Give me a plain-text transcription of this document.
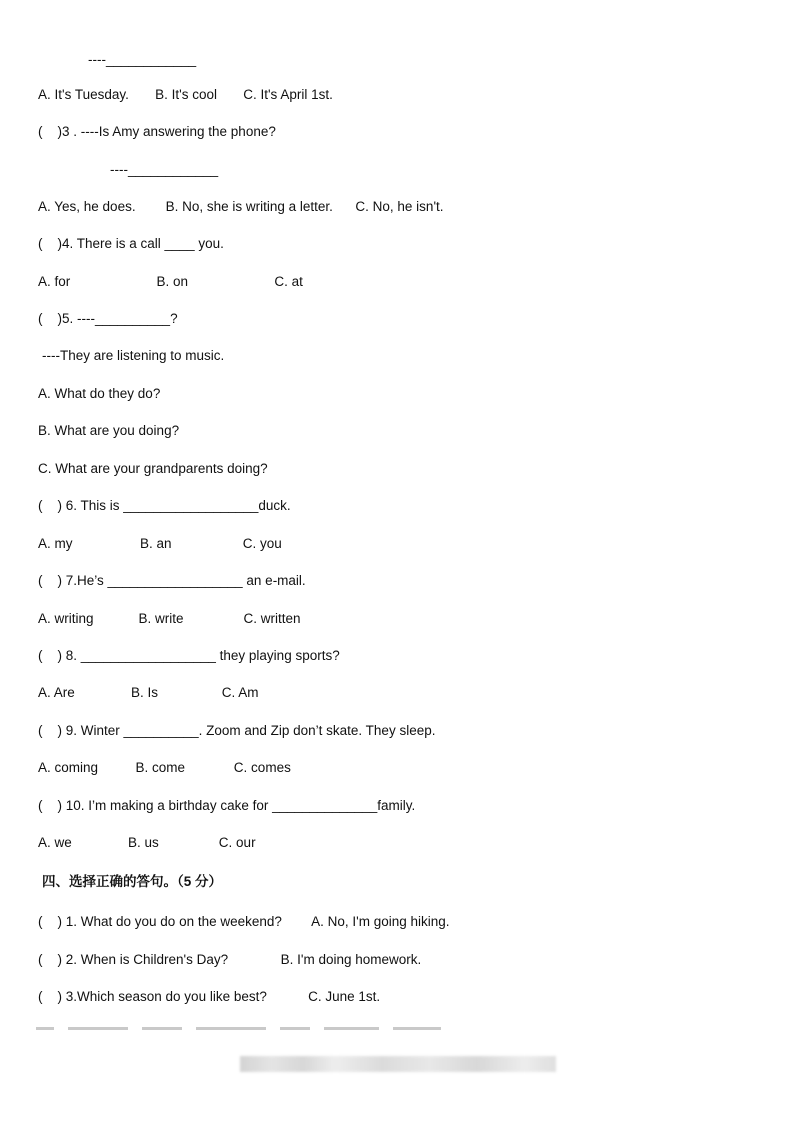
----____________
A. It's Tuesday.       B. It's cool       C. It's April 1st.
(    )3 . ----Is Amy answering the phone?
----____________
A. Yes, he does.        B. No, she is writing a letter.      C. No, he isn't.
(    )4. There is a call ____ you.
A. for                       B. on                       C. at
(    )5. ----__________?
----They are listening to music.
A. What do they do?
B. What are you doing?
C. What are your grandparents doing?
(    ) 6. This is __________________duck.
A. my                  B. an                   C. you
(    ) 7.He’s __________________ an e-mail.
A. writing            B. write                C. written
(    ) 8. __________________ they playing sports?
A. Are               B. Is                 C. Am
(    ) 9. Winter __________. Zoom and Zip don’t skate. They sleep.
A. coming          B. come             C. comes
(    ) 10. I’m making a birthday cake for ______________family.
A. we               B. us                C. our
四、选择正确的答句。（5 分）
(    ) 1. What do you do on the weekend?        A. No, I'm going hiking.
(    ) 2. When is Children's Day?              B. I'm doing homework.
(    ) 3.Which season do you like best?           C. June 1st.
